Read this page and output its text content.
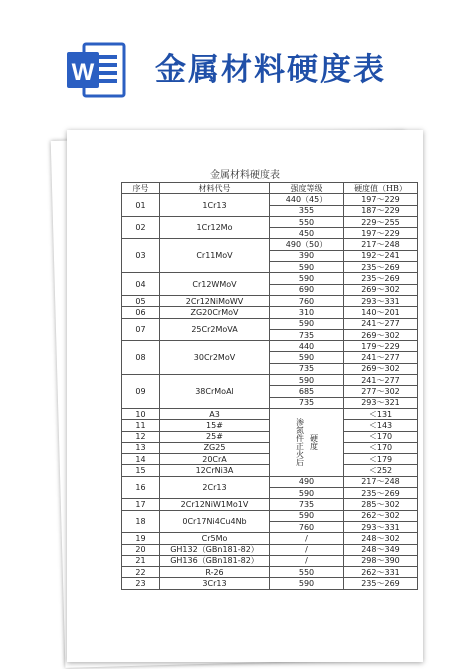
W 金属材料硬度表
金属材料硬度表
序号	材料代号	强度等级	硬度值（HB）
01	1Cr13	440（45）	197～229
		355	187～229
02	1Cr12Mo	550	229～255
		450	197～229
03	Cr11MoV	490（50）	217～248
		390	192～241
		590	235～269
04	Cr12WMoV	590	235～269
		690	269～302
05	2Cr12NiMoWV	760	293～331
06	ZG20CrMoV	310	140～201
07	25Cr2MoVA	590	241～277
		735	269～302
08	30Cr2MoV	440	179～229
		590	241～277
		735	269～302
09	38CrMoAl	590	241～277
		685	277～302
		735	293～321
10	A3	渗氮件正火后 硬度	＜131
11	15#		＜143
12	25#		＜170
13	ZG25		＜170
14	20CrA		＜179
15	12CrNi3A		＜252
16	2Cr13	490	217～248
		590	235～269
17	2Cr12NiW1Mo1V	735	285～302
18	0Cr17Ni4Cu4Nb	590	262～302
		760	293～331
19	Cr5Mo	/	248～302
20	GH132（GBn181-82）	/	248～349
21	GH136（GBn181-82）	/	298～390
22	R-26	550	262～331
23	3Cr13	590	235～269
